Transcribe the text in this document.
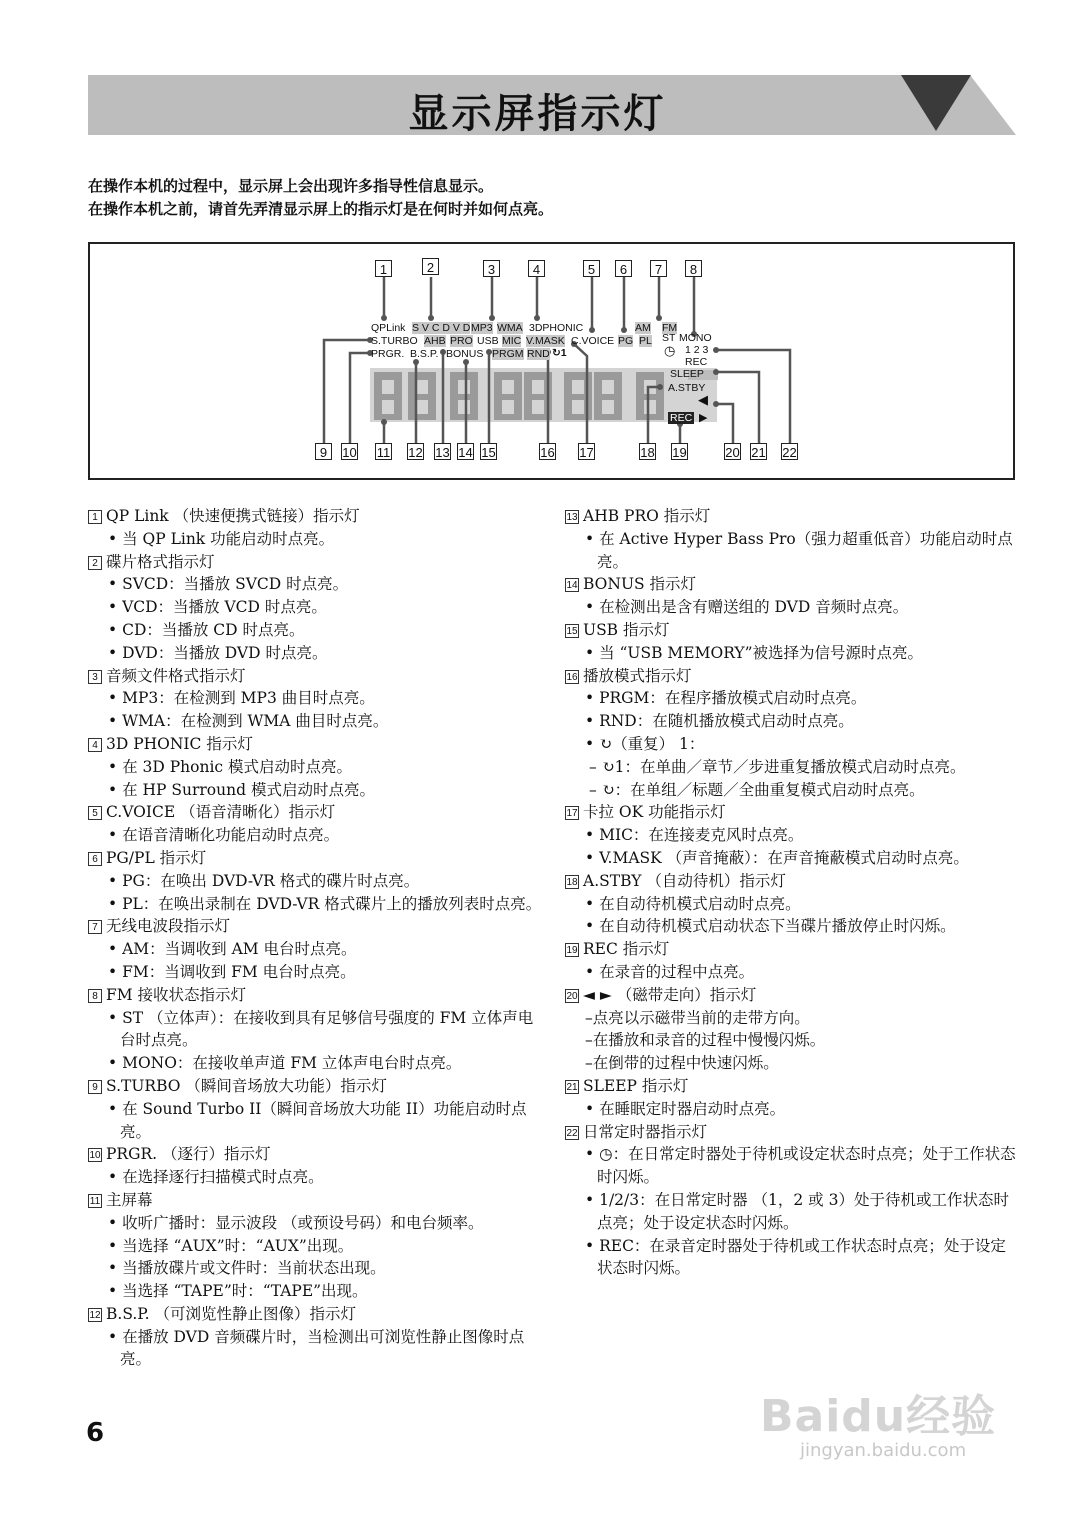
显示屏指示灯
在操作本机的过程中，显示屏上会出现许多指导性信息显示。
在操作本机之前，请首先弄清显示屏上的指示灯是在何时并如何点亮。
1	2	3	4	5	6	7	8
9	10 11 12 13 14 15	16 17	18 19	20 21 22
QPLink S V C D V D MP3 WMA 3DPHONIC	AM FM
S.TURBO AHB PRO USB MIC V.MASK C.VOICE PG PL ST MONO
PRGR. B.S.P. BONUS PRGM RND ↻1	◷ 1 2 3
REC
SLEEP
A.STBY
◀
REC ▶
1 QP Link （快速便携式链接）指示灯
• 当 QP Link 功能启动时点亮。
2 碟片格式指示灯
• SVCD：当播放 SVCD 时点亮。
• VCD：当播放 VCD 时点亮。
• CD：当播放 CD 时点亮。
• DVD：当播放 DVD 时点亮。
3 音频文件格式指示灯
• MP3：在检测到 MP3 曲目时点亮。
• WMA：在检测到 WMA 曲目时点亮。
4 3D PHONIC 指示灯
• 在 3D Phonic 模式启动时点亮。
• 在 HP Surround 模式启动时点亮。
5 C.VOICE （语音清晰化）指示灯
• 在语音清晰化功能启动时点亮。
6 PG/PL 指示灯
• PG：在唤出 DVD-VR 格式的碟片时点亮。
• PL：在唤出录制在 DVD-VR 格式碟片上的播放列表时点亮。
7 无线电波段指示灯
• AM：当调收到 AM 电台时点亮。
• FM：当调收到 FM 电台时点亮。
8 FM 接收状态指示灯
• ST （立体声）：在接收到具有足够信号强度的 FM 立体声电台时点亮。
• MONO：在接收单声道 FM 立体声电台时点亮。
9 S.TURBO （瞬间音场放大功能）指示灯
• 在 Sound Turbo II（瞬间音场放大功能 II）功能启动时点亮。
10 PRGR. （逐行）指示灯
• 在选择逐行扫描模式时点亮。
11 主屏幕
• 收听广播时：显示波段 （或预设号码）和电台频率。
• 当选择 “AUX”时：“AUX”出现。
• 当播放碟片或文件时：当前状态出现。
• 当选择 “TAPE”时：“TAPE”出现。
12 B.S.P. （可浏览性静止图像）指示灯
• 在播放 DVD 音频碟片时，当检测出可浏览性静止图像时点亮。
13 AHB PRO 指示灯
• 在 Active Hyper Bass Pro（强力超重低音）功能启动时点亮。
14 BONUS 指示灯
• 在检测出是含有赠送组的 DVD 音频时点亮。
15 USB 指示灯
• 当 “USB MEMORY”被选择为信号源时点亮。
16 播放模式指示灯
• PRGM：在程序播放模式启动时点亮。
• RND：在随机播放模式启动时点亮。
• ↻（重复） 1：
– ↻1：在单曲／章节／步进重复播放模式启动时点亮。
– ↻：在单组／标题／全曲重复模式启动时点亮。
17 卡拉 OK 功能指示灯
• MIC：在连接麦克风时点亮。
• V.MASK （声音掩蔽）：在声音掩蔽模式启动时点亮。
18 A.STBY （自动待机）指示灯
• 在自动待机模式启动时点亮。
• 在自动待机模式启动状态下当碟片播放停止时闪烁。
19 REC 指示灯
• 在录音的过程中点亮。
20 ◄ ► （磁带走向）指示灯
– 点亮以示磁带当前的走带方向。
– 在播放和录音的过程中慢慢闪烁。
– 在倒带的过程中快速闪烁。
21 SLEEP 指示灯
• 在睡眠定时器启动时点亮。
22 日常定时器指示灯
• ◷：在日常定时器处于待机或设定状态时点亮；处于工作状态时闪烁。
• 1/2/3：在日常定时器 （1，2 或 3）处于待机或工作状态时点亮；处于设定状态时闪烁。
• REC：在录音定时器处于待机或工作状态时点亮；处于设定状态时闪烁。
6	Baidu经验
jingyan.baidu.com
